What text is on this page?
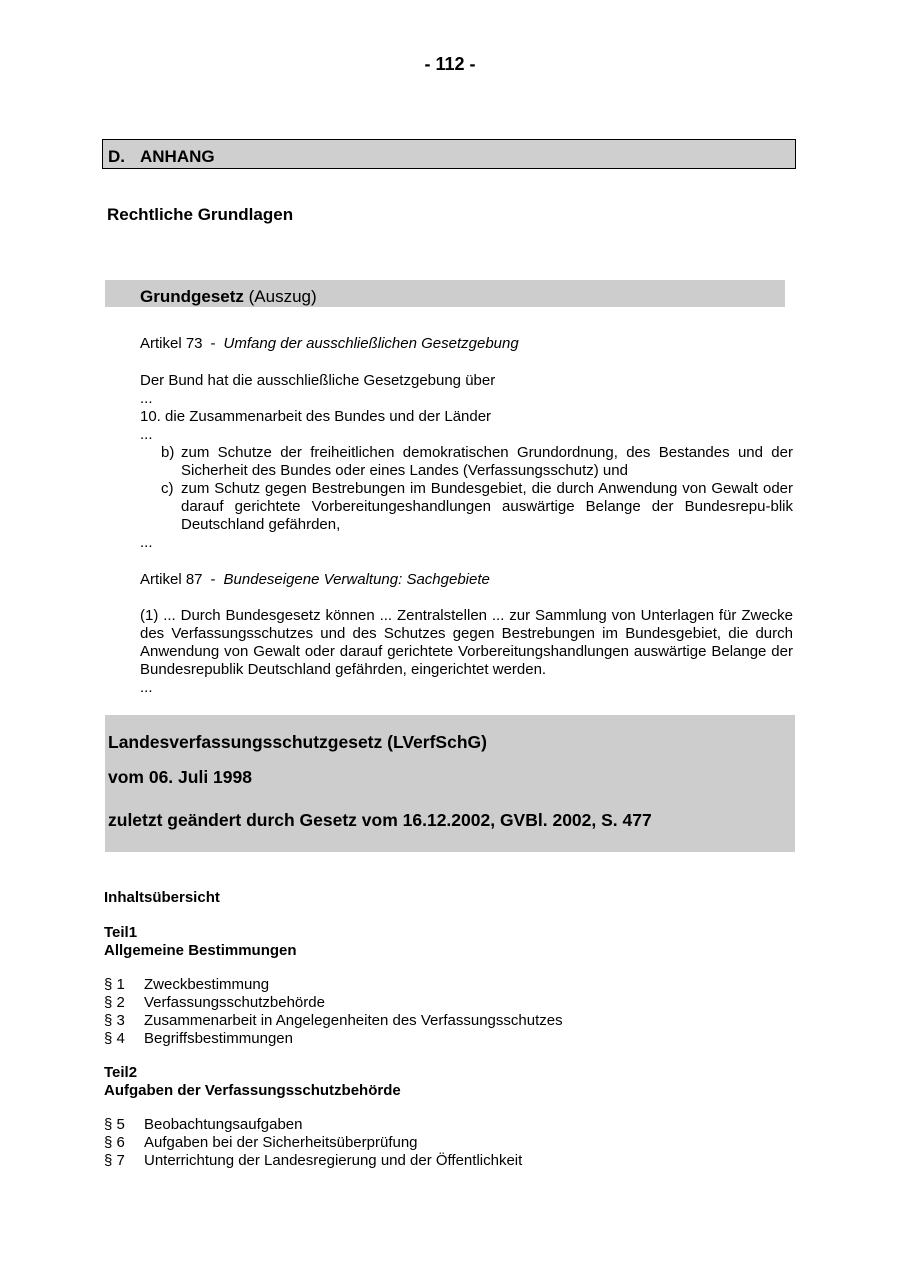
- 112 -
D. ANHANG
Rechtliche Grundlagen
Grundgesetz (Auszug)
Artikel 73 - Umfang der ausschließlichen Gesetzgebung

Der Bund hat die ausschließliche Gesetzgebung über

...

10. die Zusammenarbeit des Bundes und der Länder

...

b) zum Schutze der freiheitlichen demokratischen Grundordnung, des Bestandes und der Sicherheit des Bundes oder eines Landes (Verfassungsschutz) und
c) zum Schutz gegen Bestrebungen im Bundesgebiet, die durch Anwendung von Gewalt oder darauf gerichtete Vorbereitungeshandlungen auswärtige Belange der Bundesrepu-blik Deutschland gefährden,

...

Artikel 87 - Bundeseigene Verwaltung: Sachgebiete

(1) ... Durch Bundesgesetz können ... Zentralstellen ... zur Sammlung von Unterlagen für Zwecke des Verfassungsschutzes und des Schutzes gegen Bestrebungen im Bundesgebiet, die durch Anwendung von Gewalt oder darauf gerichtete Vorbereitungshandlungen auswärtige Belange der Bundesrepublik Deutschland gefährden, eingerichtet werden.

...

Landesverfassungsschutzgesetz (LVerfSchG)
vom 06. Juli 1998
zuletzt geändert durch Gesetz vom 16.12.2002, GVBl. 2002, S. 477
Inhaltsübersicht
Teil1
Allgemeine Bestimmungen
§ 1	Zweckbestimmung
§ 2	Verfassungsschutzbehörde
§ 3	Zusammenarbeit in Angelegenheiten des Verfassungsschutzes
§ 4	Begriffsbestimmungen
Teil2
Aufgaben der Verfassungsschutzbehörde
§ 5	Beobachtungsaufgaben
§ 6	Aufgaben bei der Sicherheitsüberprüfung
§ 7	Unterrichtung der Landesregierung und der Öffentlichkeit
